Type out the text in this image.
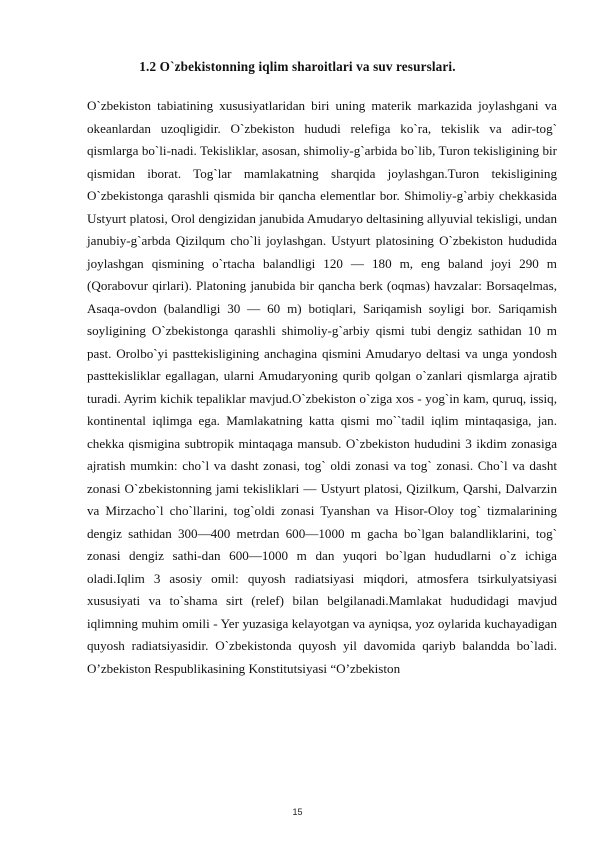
1.2 O`zbekistonning iqlim sharoitlari va suv resurslari.

O`zbekiston tabiatining xususiyatlaridan biri uning materik markazida joylashgani va okeanlardan uzoqligidir. O`zbekiston hududi relefiga ko`ra, tekislik va adir-tog` qismlarga bo`li-nadi. Tekisliklar, asosan, shimoliy-g`arbida bo`lib, Turon tekisligining bir qismidan iborat. Tog`lar mamlakatning sharqida joylashgan.Turon tekisligining O`zbekistonga qarashli qismida bir qancha elementlar bor. Shimoliy-g`arbiy chekkasida Ustyurt platosi, Orol dengizidan janubida Amudaryo deltasining allyuvial tekisligi, undan janubiy-g`arbda Qizilqum cho`li joylashgan. Ustyurt platosining O`zbekiston hududida joylashgan qismining o`rtacha balandligi 120 — 180 m, eng baland joyi 290 m (Qorabovur qirlari). Platoning janubida bir qancha berk (oqmas) havzalar: Borsaqelmas, Asaqa-ovdon (balandligi 30 — 60 m) botiqlari, Sariqamish soyligi bor. Sariqamish soyligining O`zbekistonga qarashli shimoliy-g`arbiy qismi tubi dengiz sathidan 10 m past. Orolbo`yi pasttekisligining anchagina qismini Amudaryo deltasi va unga yondosh pasttekisliklar egallagan, ularni Amudaryoning qurib qolgan o`zanlari qismlarga ajratib turadi. Ayrim kichik tepaliklar mavjud.O`zbekiston o`ziga xos - yog`in kam, quruq, issiq, kontinental iqlimga ega. Mamlakatning katta qismi mo``tadil iqlim mintaqasiga, jan. chekka qismigina subtropik mintaqaga mansub. O`zbekiston hududini 3 ikdim zonasiga ajratish mumkin: cho`l va dasht zonasi, tog` oldi zonasi va tog` zonasi. Cho`l va dasht zonasi O`zbekistonning jami tekisliklari — Ustyurt platosi, Qizilkum, Qarshi, Dalvarzin va Mirzacho`l cho`llarini, tog`oldi zonasi Tyanshan va Hisor-Oloy tog` tizmalarining dengiz sathidan 300—400 metrdan 600—1000 m gacha bo`lgan balandliklarini, tog` zonasi dengiz sathi-dan 600—1000 m dan yuqori bo`lgan hududlarni o`z ichiga oladi.Iqlim 3 asosiy omil: quyosh radiatsiyasi miqdori, atmosfera tsirkulyatsiyasi xususiyati va to`shama sirt (relef) bilan belgilanadi.Mamlakat hududidagi mavjud iqlimning muhim omili - Yer yuzasiga kelayotgan va ayniqsa, yoz oylarida kuchayadigan quyosh radiatsiyasidir. O`zbekistonda quyosh yil davomida qariyb balandda bo`ladi. O’zbekiston Respublikasining Konstitutsiyasi “O’zbekiston

15
